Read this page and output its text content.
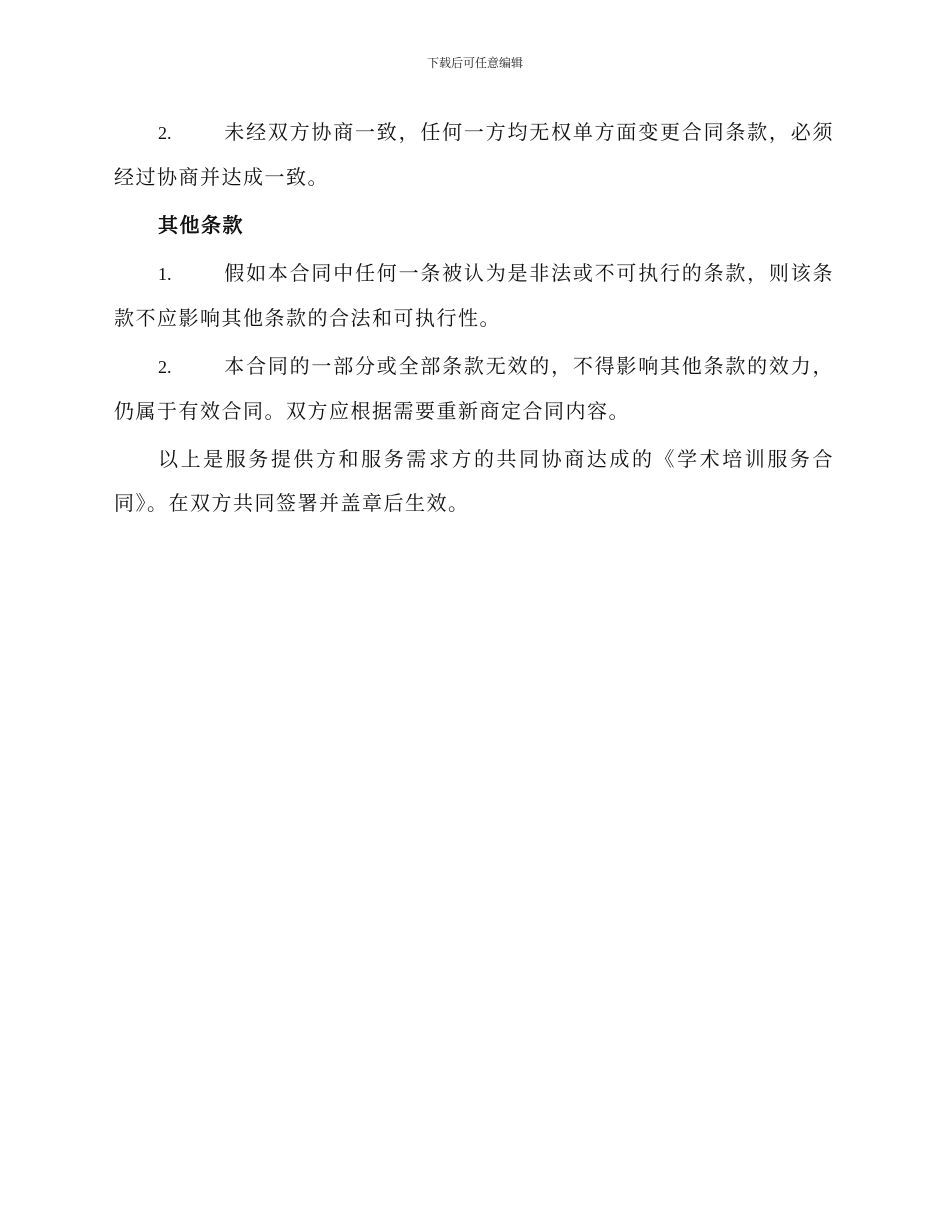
下载后可任意编辑

2.	未经双方协商一致，任何一方均无权单方面变更合同条款，必须经过协商并达成一致。

其他条款

1.	假如本合同中任何一条被认为是非法或不可执行的条款，则该条款不应影响其他条款的合法和可执行性。

2.	本合同的一部分或全部条款无效的，不得影响其他条款的效力，仍属于有效合同。双方应根据需要重新商定合同内容。

以上是服务提供方和服务需求方的共同协商达成的《学术培训服务合同》。在双方共同签署并盖章后生效。
